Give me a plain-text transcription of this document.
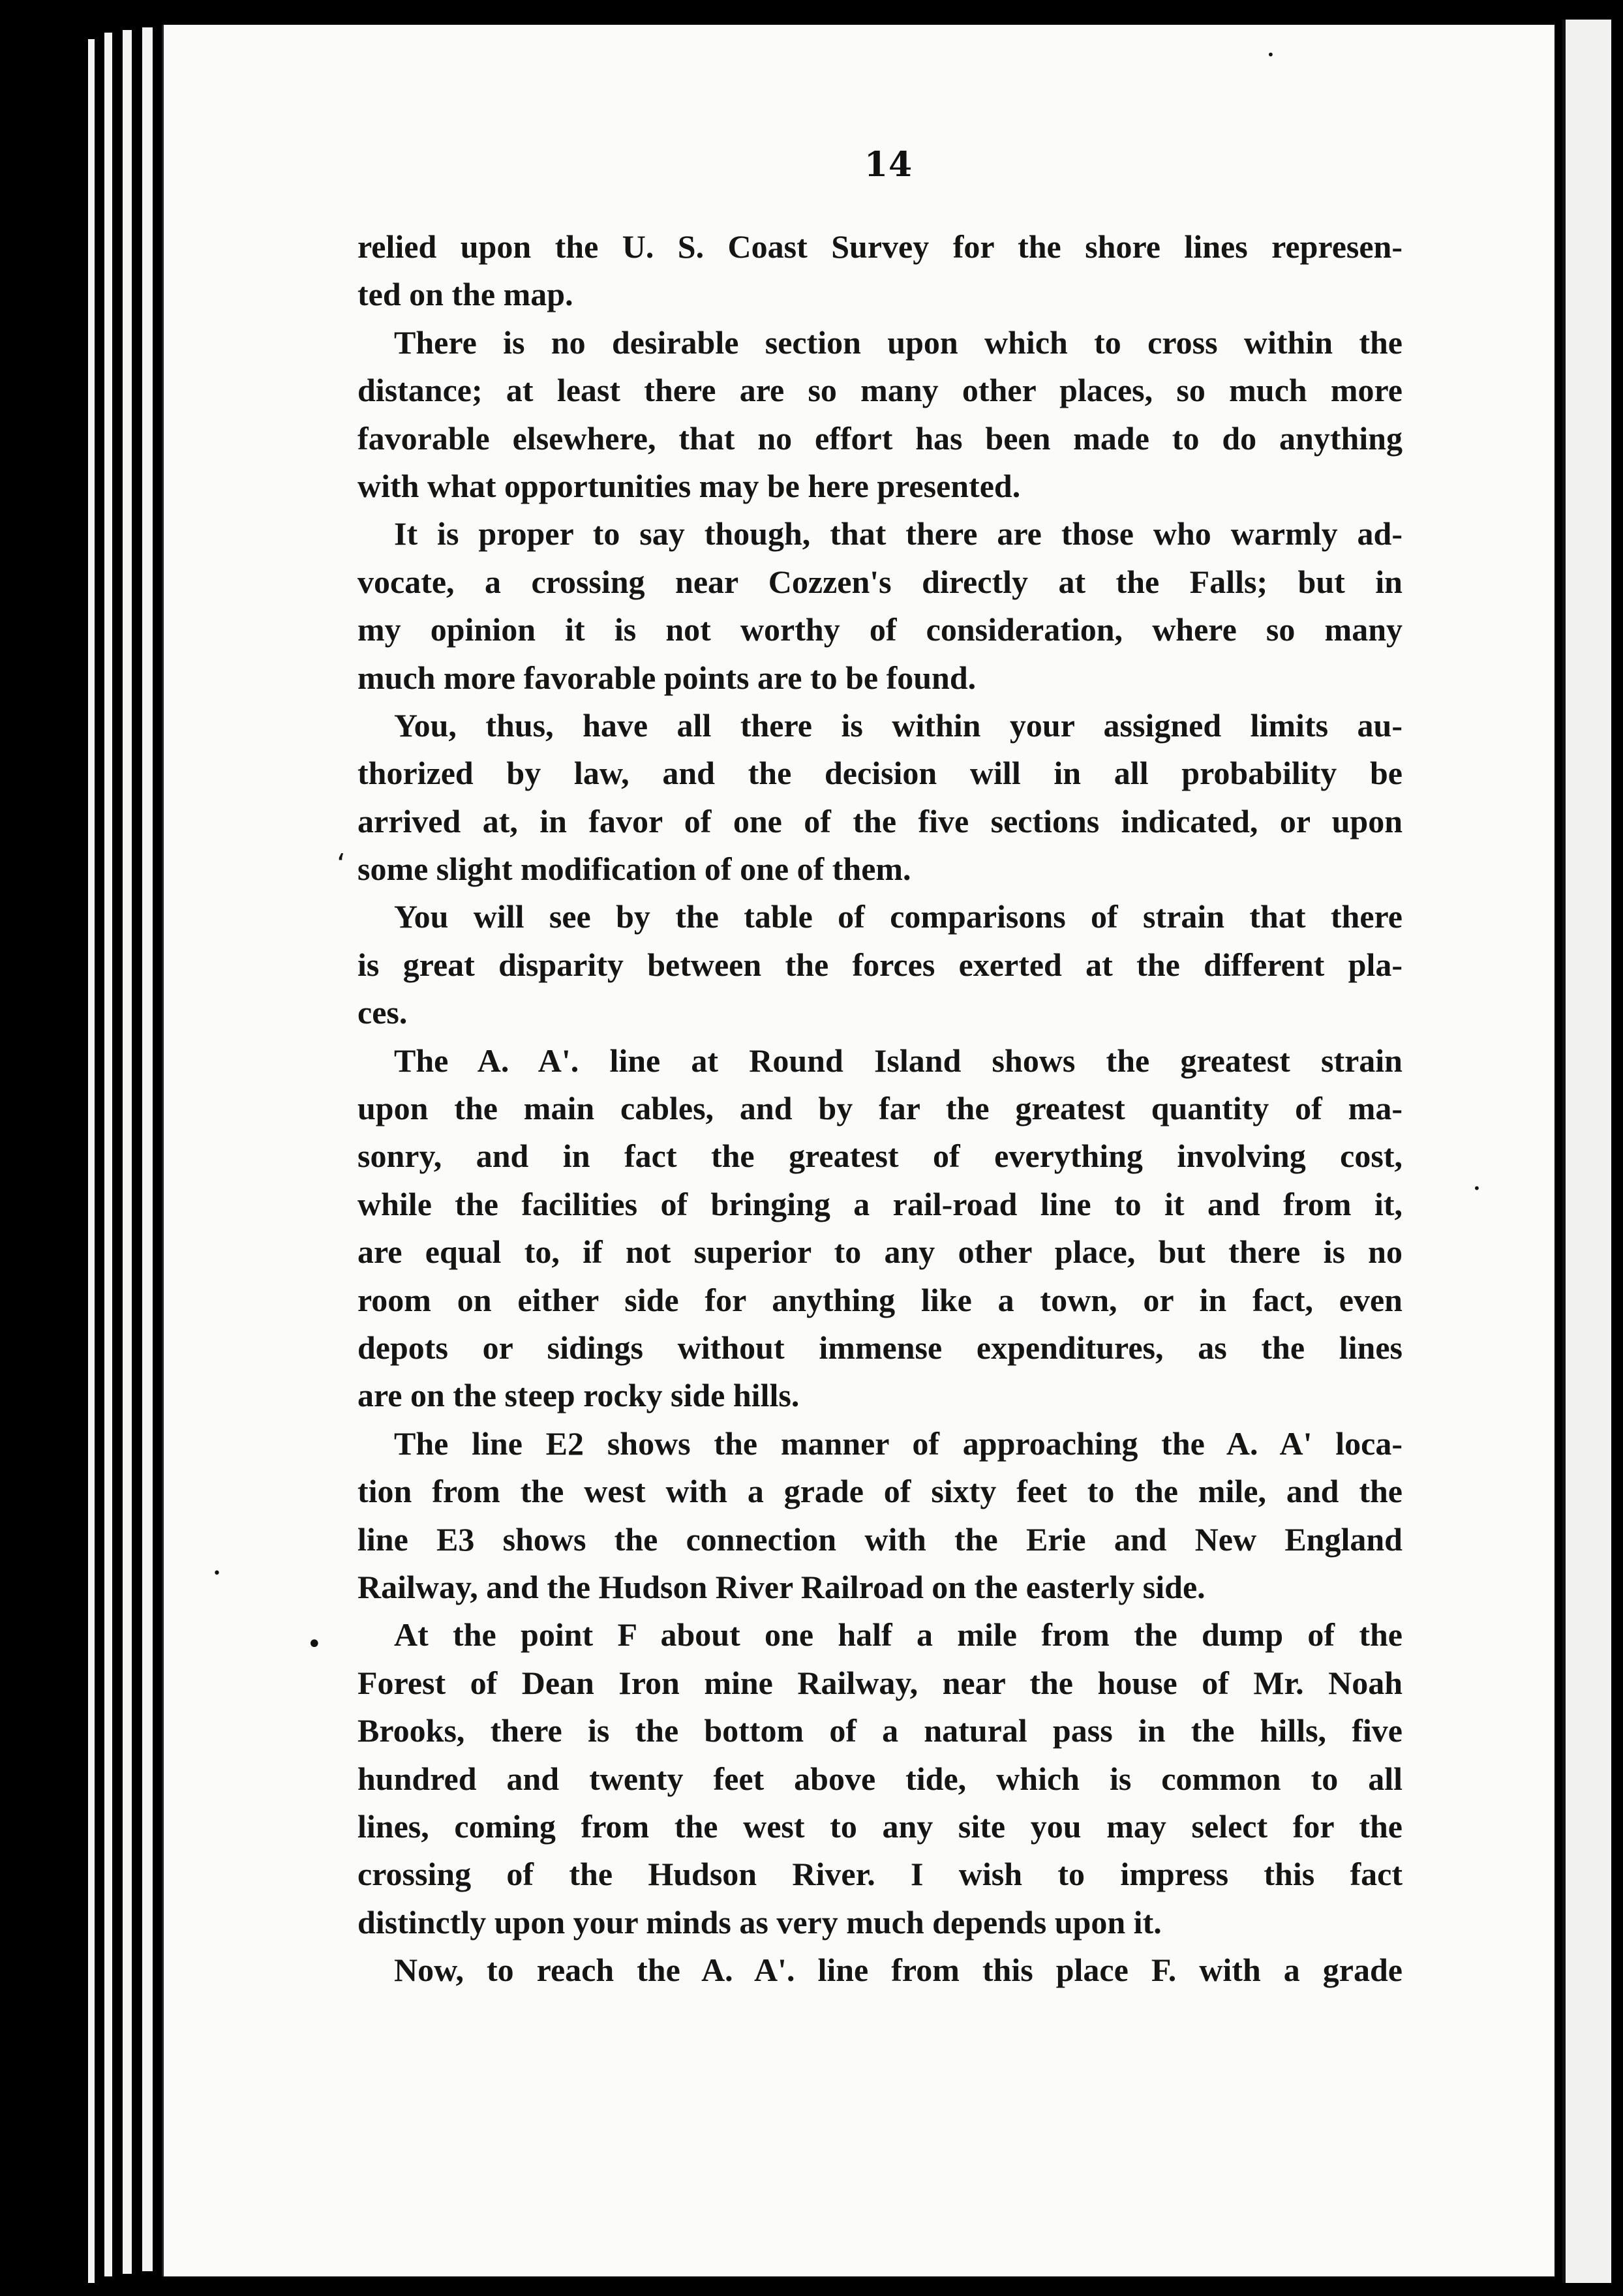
14
relied upon the U. S. Coast Survey for the shore lines represen-
ted on the map.
There is no desirable section upon which to cross within the
distance; at least there are so many other places, so much more
favorable elsewhere, that no effort has been made to do anything
with what opportunities may be here presented.
It is proper to say though, that there are those who warmly ad-
vocate, a crossing near Cozzen's directly at the Falls; but in
my opinion it is not worthy of consideration, where so many
much more favorable points are to be found.
You, thus, have all there is within your assigned limits au-
thorized by law, and the decision will in all probability be
arrived at, in favor of one of the five sections indicated, or upon
some slight modification of one of them.
You will see by the table of comparisons of strain that there
is great disparity between the forces exerted at the different pla-
ces.
The A. A'. line at Round Island shows the greatest strain
upon the main cables, and by far the greatest quantity of ma-
sonry, and in fact the greatest of everything involving cost,
while the facilities of bringing a rail-road line to it and from it,
are equal to, if not superior to any other place, but there is no
room on either side for anything like a town, or in fact, even
depots or sidings without immense expenditures, as the lines
are on the steep rocky side hills.
The line E2 shows the manner of approaching the A. A' loca-
tion from the west with a grade of sixty feet to the mile, and the
line E3 shows the connection with the Erie and New England
Railway, and the Hudson River Railroad on the easterly side.
At the point F about one half a mile from the dump of the
Forest of Dean Iron mine Railway, near the house of Mr. Noah
Brooks, there is the bottom of a natural pass in the hills, five
hundred and twenty feet above tide, which is common to all
lines, coming from the west to any site you may select for the
crossing of the Hudson River. I wish to impress this fact
distinctly upon your minds as very much depends upon it.
Now, to reach the A. A'. line from this place F. with a grade
‘
•
•
•
•
